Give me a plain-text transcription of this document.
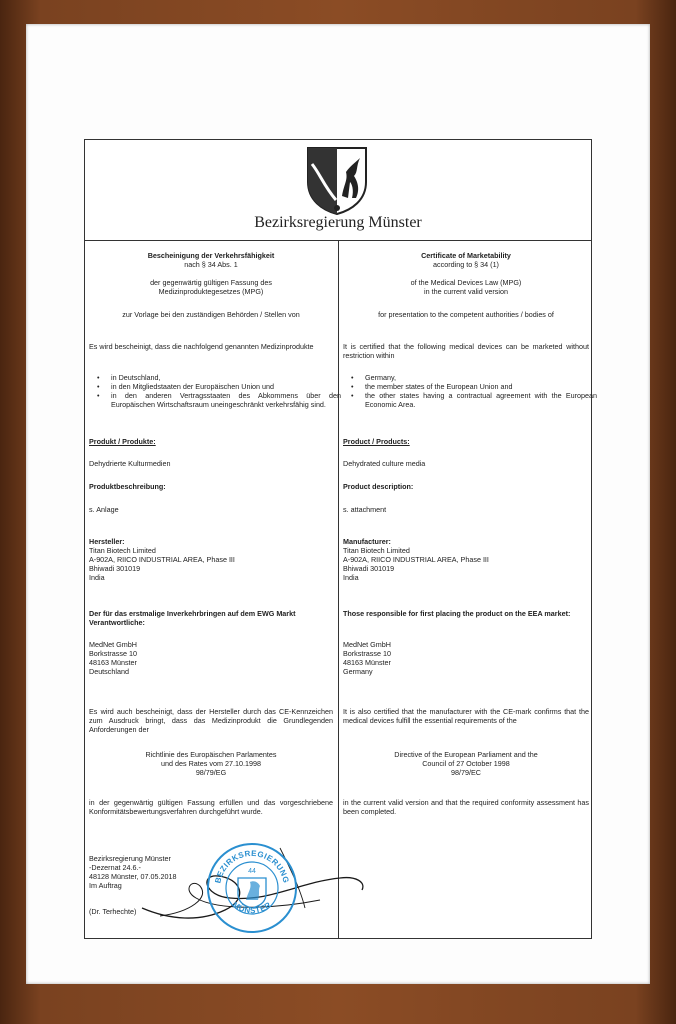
Bezirksregierung Münster
Bescheinigung der Verkehrsfähigkeit
nach § 34 Abs. 1
der gegenwärtig gültigen Fassung des
Medizinproduktegesetzes (MPG)
zur Vorlage bei den zuständigen Behörden / Stellen von
Es wird bescheinigt, dass die nachfolgend genannten Medizinprodukte
• in Deutschland,
• in den Mitgliedstaaten der Europäischen Union und
• in den anderen Vertragsstaaten des Abkommens über den Europäischen Wirtschaftsraum uneingeschränkt verkehrsfähig sind.
Produkt / Produkte:
Dehydrierte Kulturmedien
Produktbeschreibung:
s. Anlage
Hersteller:
Titan Biotech Limited
A-902A, RIICO INDUSTRIAL AREA, Phase III
Bhiwadi 301019
India
Der für das erstmalige Inverkehrbringen auf dem EWG Markt Verantwortliche:
MedNet GmbH
Borkstrasse 10
48163 Münster
Deutschland
Es wird auch bescheinigt, dass der Hersteller durch das CE-Kennzeichen zum Ausdruck bringt, dass das Medizinprodukt die Grundlegenden Anforderungen der
Richtlinie des Europäischen Parlamentes
und des Rates vom 27.10.1998
98/79/EG
in der gegenwärtig gültigen Fassung erfüllen und das vorgeschriebene Konformitätsbewertungsverfahren durchgeführt wurde.
Bezirksregierung Münster
-Dezernat 24.6.-
48128 Münster, 07.05.2018
Im Auftrag
(Dr. Terhechte)
Certificate of Marketability
according to § 34 (1)
of the Medical Devices Law (MPG)
in the current valid version
for presentation to the competent authorities / bodies of
It is certified that the following medical devices can be marketed without restriction within
• Germany,
• the member states of the European Union and
• the other states having a contractual agreement with the European Economic Area.
Product / Products:
Dehydrated culture media
Product description:
s. attachment
Manufacturer:
Titan Biotech Limited
A-902A, RIICO INDUSTRIAL AREA, Phase III
Bhiwadi 301019
India
Those responsible for first placing the product on the EEA market:
MedNet GmbH
Borkstrasse 10
48163 Münster
Germany
It is also certified that the manufacturer with the CE-mark confirms that the medical devices fulfill the essential requirements of the
Directive of the European Parliament and the
Council of 27 October 1998
98/79/EC
in the current valid version and that the required conformity assessment has been completed.
BEZIRKSREGIERUNG
MÜNSTER
44
